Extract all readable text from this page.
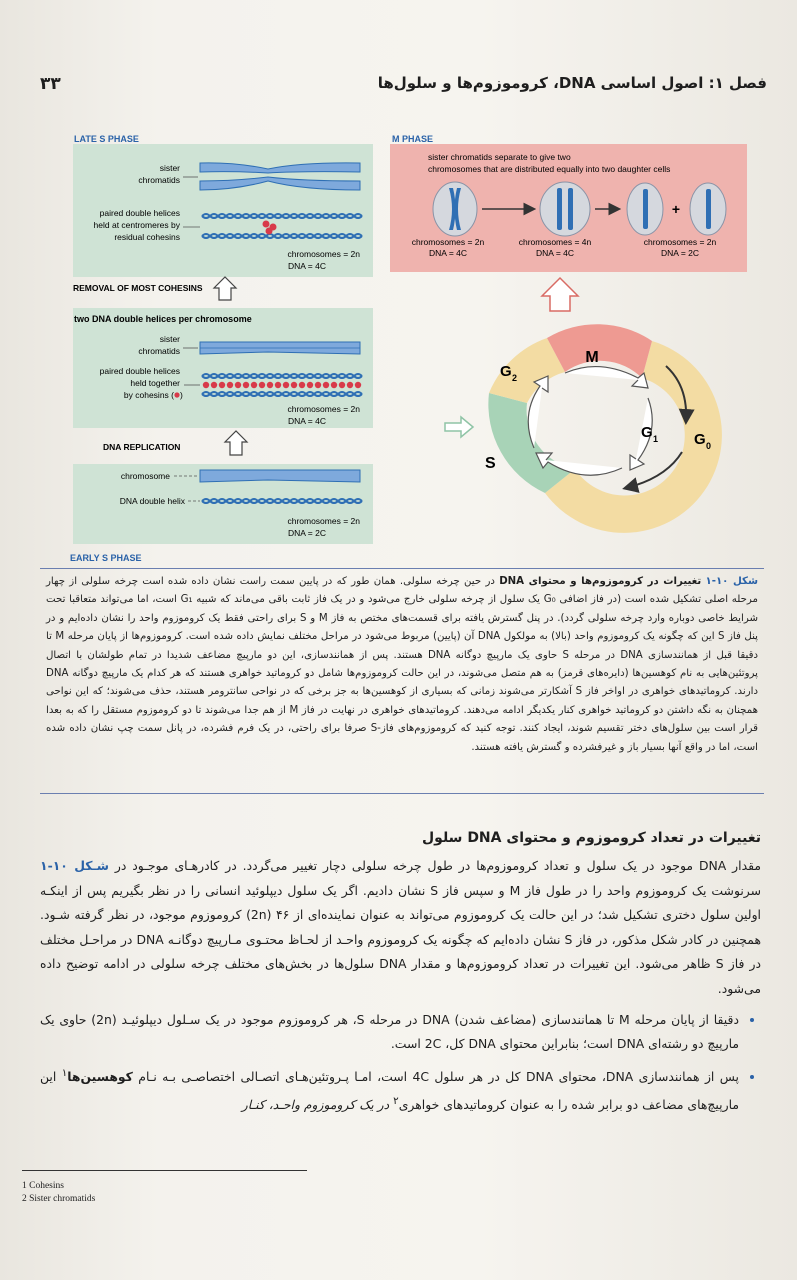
۳۳	فصل ۱: اصول اساسی DNA، کروموزوم‌ها و سلول‌ها
LATE S PHASE	M PHASE
EARLY S PHASE
sister
chromatids
paired double helices
held at centromeres by
residual cohesins
chromosomes = 2n
DNA = 4C
REMOVAL OF MOST COHESINS
two DNA double helices per chromosome
sister
chromatids
paired double helices
held together
by cohesins ( )
chromosomes = 2n
DNA = 4C
DNA REPLICATION
chromosome
DNA double helix
chromosomes = 2n
DNA = 2C
sister chromatids separate to give two
chromosomes that are distributed equally into two daughter cells
+
chromosomes = 2n
DNA = 4C
chromosomes = 4n
DNA = 4C
chromosomes = 2n
DNA = 2C
M
G 2
G 1 G 0
S

شکل ۱۰-۱ تغییرات در کروموزوم‌ها و محتوای DNA در حین چرخه سلولی. همان طور که در پایین سمت راست نشان داده شده است چرخه سلولی از چهار مرحله اصلی تشکیل شده است (در فاز اضافی G₀ یک سلول از چرخه سلولی خارج می‌شود و در یک فاز ثابت باقی می‌ماند که شبیه G₁ است، اما می‌تواند متعاقبا تحت شرایط خاصی دوباره وارد چرخه سلولی گردد). در پنل گسترش یافته برای قسمت‌های مختص به فاز M و S برای راحتی فقط یک کروموزوم واحد را نشان داده‌ایم و در پنل فاز S این که چگونه یک کروموزوم واحد (بالا) به مولکول DNA آن (پایین) مربوط می‌شود در مراحل مختلف نمایش داده شده است. کروموزوم‌ها از پایان مرحله M تا دقیقا قبل از همانندسازی DNA در مرحله S حاوی یک مارپیچ دوگانه DNA هستند. پس از همانندسازی، این دو مارپیچ مضاعف شدیدا در تمام طولشان با اتصال پروتئین‌هایی به نام کوهسین‌ها (دایره‌های قرمز) به هم متصل می‌شوند، در این حالت کروموزوم‌ها شامل دو کروماتید خواهری هستند که هر کدام یک مارپیچ دوگانه DNA دارند. کروماتیدهای خواهری در اواخر فاز S آشکارتر می‌شوند زمانی که بسیاری از کوهسین‌ها به جز برخی که در نواحی سانترومر هستند، حذف می‌شوند؛ که این نواحی همچنان به نگه داشتن دو کروماتید خواهری کنار یکدیگر ادامه می‌دهند. کروماتیدهای خواهری در نهایت در فاز M از هم جدا می‌شوند تا دو کروموزوم مستقل را که به بعدا قرار است بین سلول‌های دختر تقسیم شوند، ایجاد کنند. توجه کنید که کروموزوم‌های فاز-S صرفا برای راحتی، در یک فرم فشرده، در پانل سمت چپ نشان داده شده است، اما در واقع آنها بسیار باز و غیرفشرده و گسترش یافته هستند.

تغییرات در تعداد کروموزوم و محتوای DNA سلول

مقدار DNA موجود در یک سلول و تعداد کروموزوم‌ها در طول چرخه سلولی دچار تغییر می‌گردد. در کادرهـای موجـود در شـکل ۱۰-۱ سرنوشت یک کروموزوم واحد را در طول فاز M و سپس فاز S نشان دادیم. اگر یک سلول دیپلوئید انسانی را در نظر بگیریم پس از اینکـه اولین سلول دختری تشکیل شد؛ در این حالت یک کروموزوم می‌تواند به عنوان نماینده‌ای از ۴۶ (2n) کروموزوم موجود، در نظر گرفته شـود. همچنین در کادر شکل مذکور، در فاز S نشان داده‌ایم که چگونه یک کروموزوم واحـد از لحـاظ محتـوی مـارپیچ دوگانـه DNA در مراحـل مختلف در فاز S ظاهر می‌شود. این تغییرات در تعداد کروموزوم‌ها و مقدار DNA سلول‌ها در بخش‌های مختلف چرخه سلولی در ادامه توضیح داده می‌شود.

• دقیقا از پایان مرحله M تا همانندسازی (مضاعف شدن) DNA در مرحله S، هر کروموزوم موجود در یک سـلول دیپلوئیـد (2n) حاوی یک مارپیچ دو رشته‌ای DNA است؛ بنابراین محتوای DNA کل، 2C است.
• پس از همانندسازی DNA، محتوای DNA کل در هر سلول 4C است، امـا پـروتئین‌هـای اتصـالی اختصاصـی بـه نـام کوهسین‌ها$^۱$ این مارپیچ‌های مضاعف دو برابر شده را به عنوان کروماتیدهای خواهری$^۲$ در یک کروموزوم واحـد، کنـار
1 Cohesins
2 Sister chromatids
